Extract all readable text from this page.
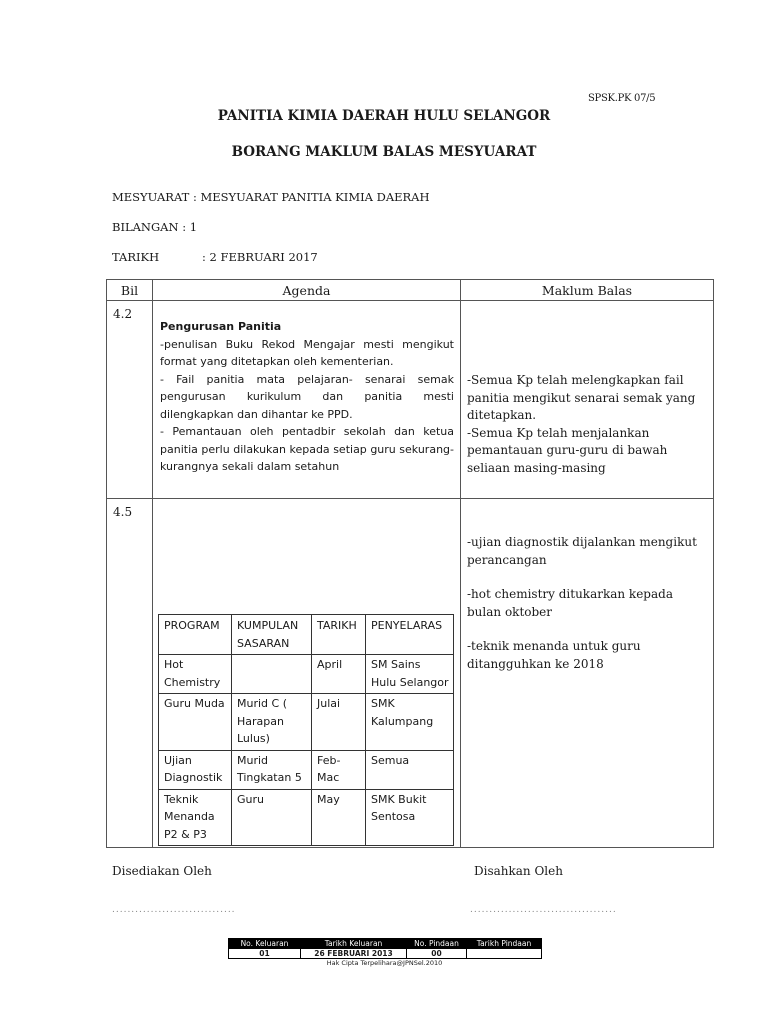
SPSK.PK 07/5
PANITIA KIMIA DAERAH HULU SELANGOR
BORANG MAKLUM BALAS MESYUARAT
MESYUARAT : MESYUARAT PANITIA KIMIA DAERAH
BILANGAN : 1
TARIKH	: 2 FEBRUARI 2017
Bil	Agenda	Maklum Balas
4.2	Pengurusan Panitia
-penulisan Buku Rekod Mengajar mesti mengikut format yang ditetapkan oleh kementerian.
- Fail panitia mata pelajaran- senarai semak pengurusan kurikulum dan panitia mesti dilengkapkan dan dihantar ke PPD.
- Pemantauan oleh pentadbir sekolah dan ketua panitia perlu dilakukan kepada setiap guru sekurang-kurangnya sekali dalam setahun	-Semua Kp telah melengkapkan fail panitia mengikut senarai semak yang ditetapkan.
-Semua Kp telah menjalankan pemantauan guru-guru di bawah seliaan masing-masing

4.5		-ujian diagnostik dijalankan mengikut perancangan
-hot chemistry ditukarkan kepada bulan oktober
-teknik menanda untuk guru ditangguhkan ke 2018
PROGRAM	KUMPULAN SASARAN	TARIKH	PENYELARAS
Hot Chemistry		April	SM Sains Hulu Selangor
Guru Muda	Murid C ( Harapan Lulus)	Julai	SMK Kalumpang
Ujian Diagnostik	Murid Tingkatan 5	Feb-Mac	Semua
Teknik Menanda P2 & P3	Guru	May	SMK Bukit Sentosa
Disediakan Oleh	Disahkan Oleh
................................	......................................
No. Keluaran	Tarikh Keluaran	No. Pindaan	Tarikh Pindaan
01	26 FEBRUARI 2013	00	
Hak Cipta Terpelihara@JPNSel.2010
